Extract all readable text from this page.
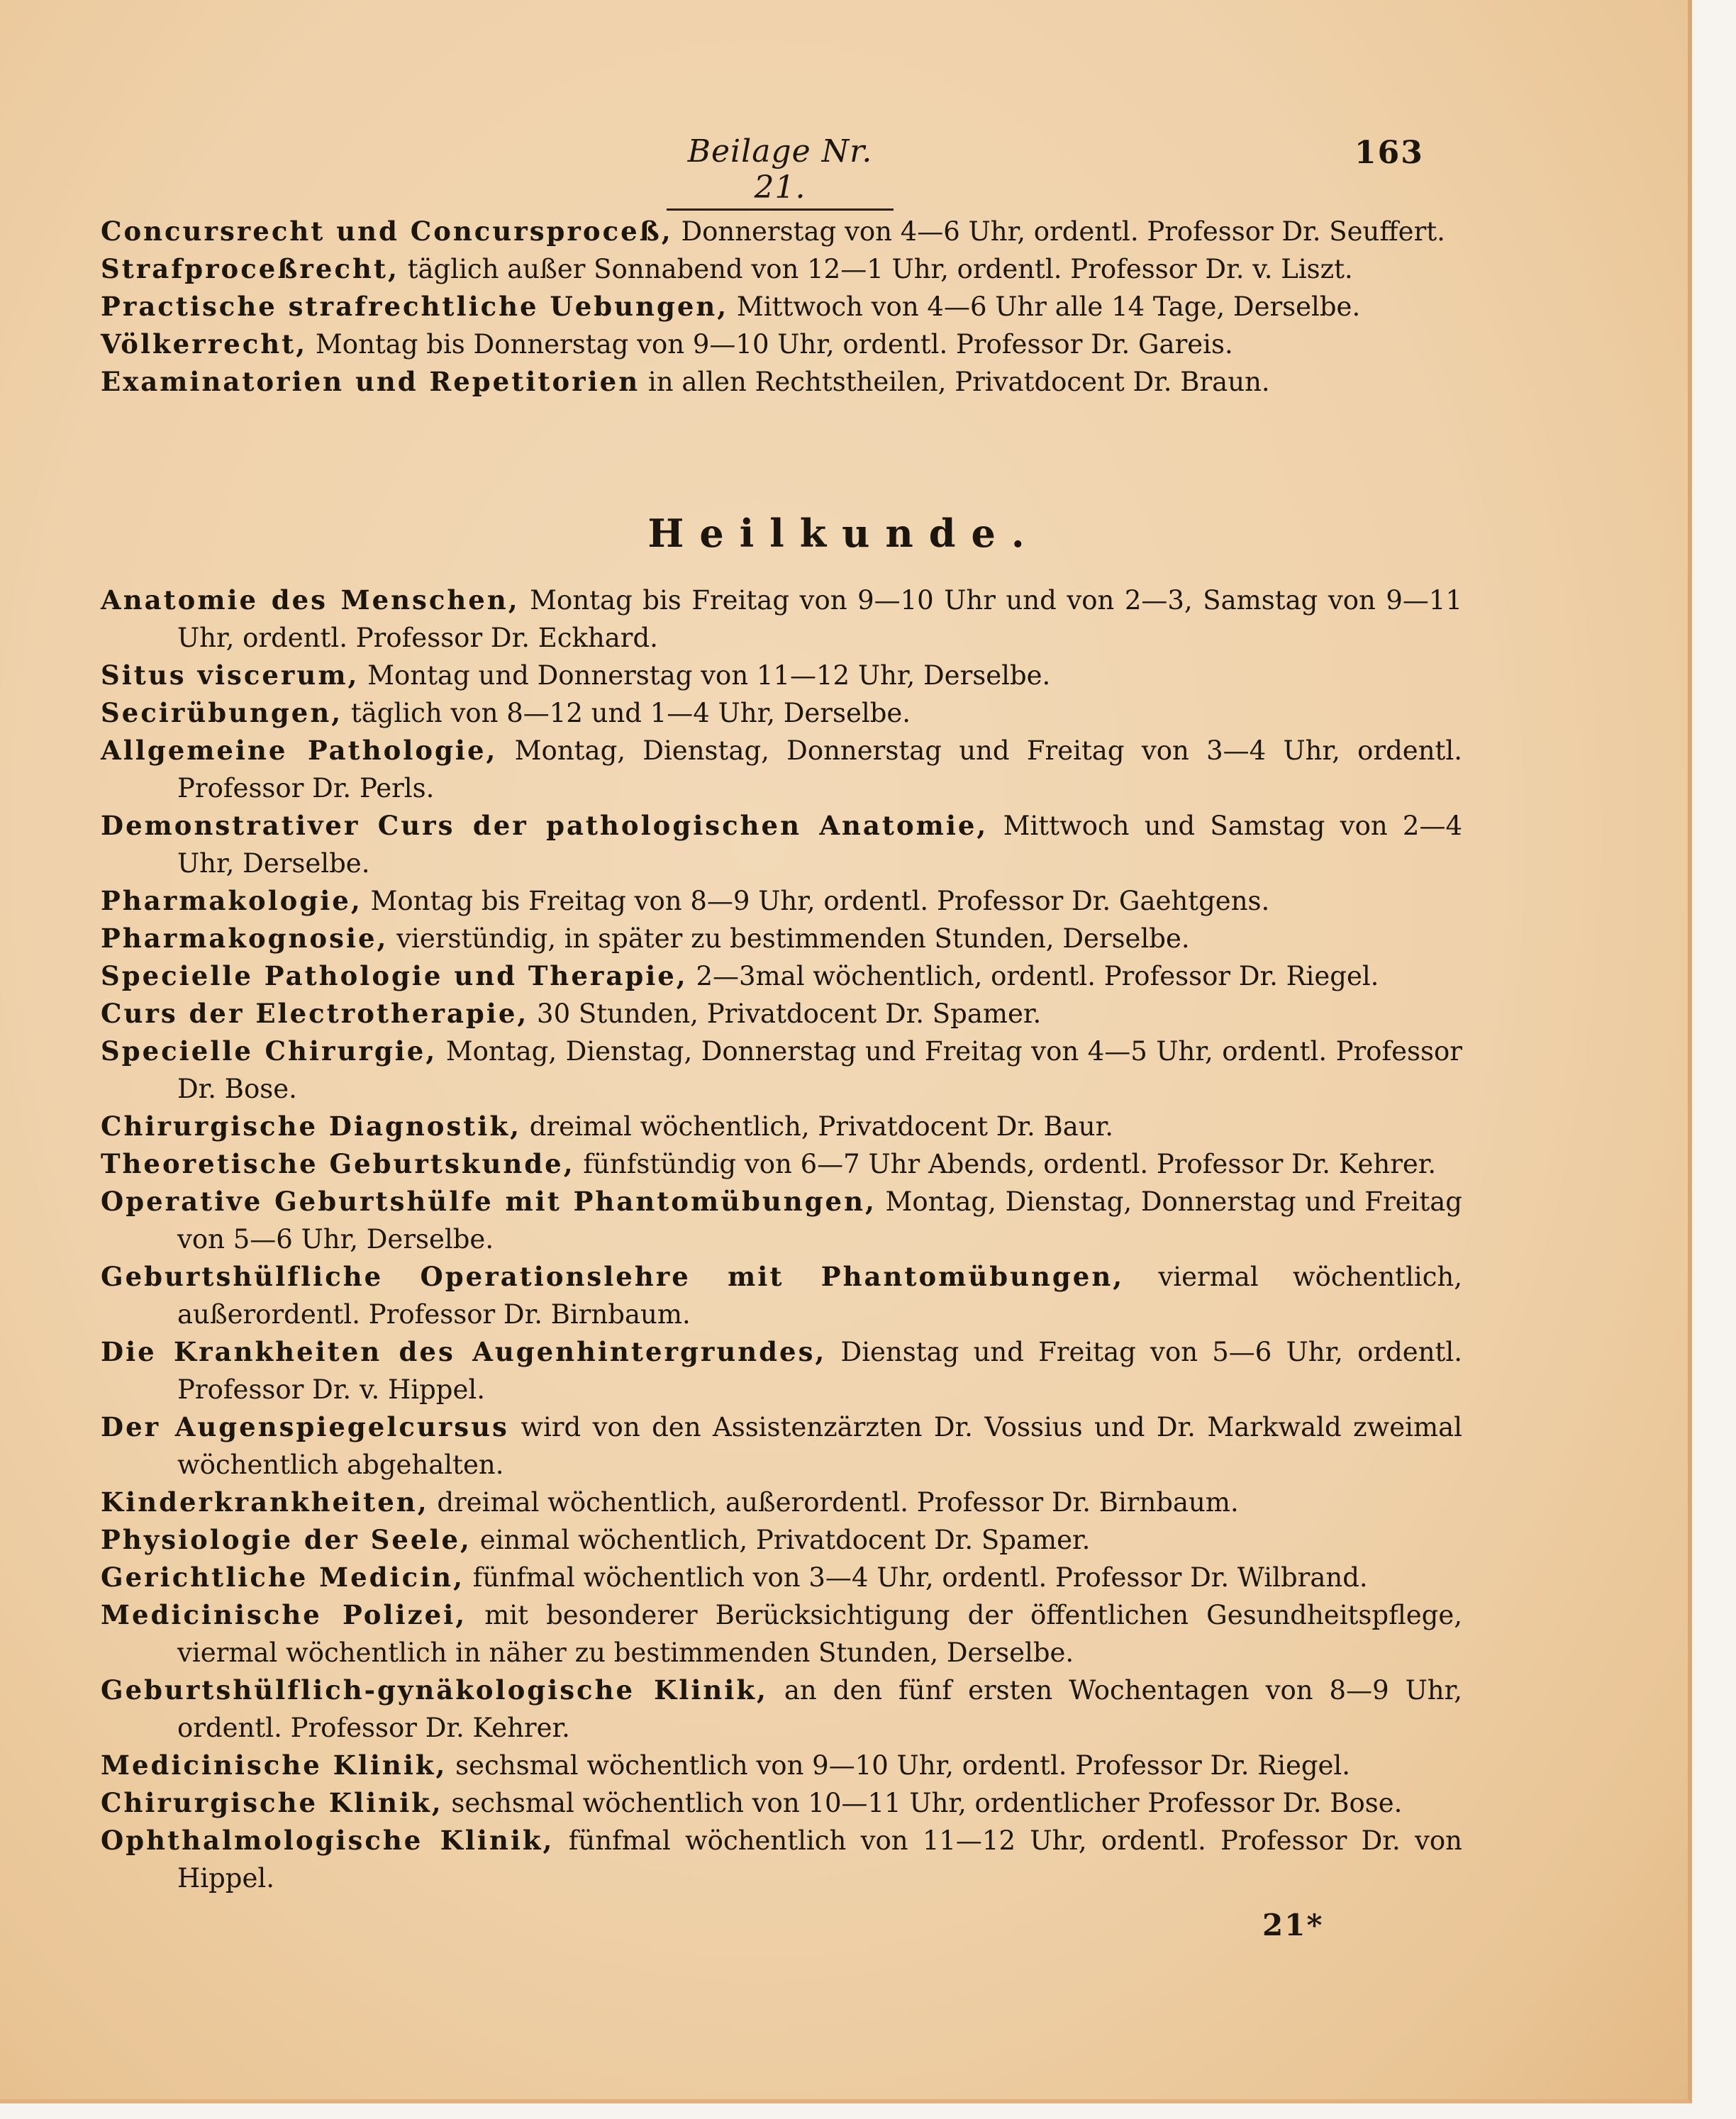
Beilage Nr. 21.
163
Concursrecht und Concursproceß, Donnerstag von 4—6 Uhr, ordentl. Professor Dr. Seuffert.
Strafproceßrecht, täglich außer Sonnabend von 12—1 Uhr, ordentl. Professor Dr. v. Liszt.
Practische strafrechtliche Uebungen, Mittwoch von 4—6 Uhr alle 14 Tage, Derselbe.
Völkerrecht, Montag bis Donnerstag von 9—10 Uhr, ordentl. Professor Dr. Gareis.
Examinatorien und Repetitorien in allen Rechtstheilen, Privatdocent Dr. Braun.
Heilkunde.
Anatomie des Menschen, Montag bis Freitag von 9—10 Uhr und von 2—3, Samstag von 9—11 Uhr, ordentl. Professor Dr. Eckhard.
Situs viscerum, Montag und Donnerstag von 11—12 Uhr, Derselbe.
Secirübungen, täglich von 8—12 und 1—4 Uhr, Derselbe.
Allgemeine Pathologie, Montag, Dienstag, Donnerstag und Freitag von 3—4 Uhr, ordentl. Professor Dr. Perls.
Demonstrativer Curs der pathologischen Anatomie, Mittwoch und Samstag von 2—4 Uhr, Derselbe.
Pharmakologie, Montag bis Freitag von 8—9 Uhr, ordentl. Professor Dr. Gaehtgens.
Pharmakognosie, vierstündig, in später zu bestimmenden Stunden, Derselbe.
Specielle Pathologie und Therapie, 2—3mal wöchentlich, ordentl. Professor Dr. Riegel.
Curs der Electrotherapie, 30 Stunden, Privatdocent Dr. Spamer.
Specielle Chirurgie, Montag, Dienstag, Donnerstag und Freitag von 4—5 Uhr, ordentl. Professor Dr. Bose.
Chirurgische Diagnostik, dreimal wöchentlich, Privatdocent Dr. Baur.
Theoretische Geburtskunde, fünfstündig von 6—7 Uhr Abends, ordentl. Professor Dr. Kehrer.
Operative Geburtshülfe mit Phantomübungen, Montag, Dienstag, Donnerstag und Freitag von 5—6 Uhr, Derselbe.
Geburtshülfliche Operationslehre mit Phantomübungen, viermal wöchentlich, außerordentl. Professor Dr. Birnbaum.
Die Krankheiten des Augenhintergrundes, Dienstag und Freitag von 5—6 Uhr, ordentl. Professor Dr. v. Hippel.
Der Augenspiegelcursus wird von den Assistenzärzten Dr. Vossius und Dr. Markwald zweimal wöchentlich abgehalten.
Kinderkrankheiten, dreimal wöchentlich, außerordentl. Professor Dr. Birnbaum.
Physiologie der Seele, einmal wöchentlich, Privatdocent Dr. Spamer.
Gerichtliche Medicin, fünfmal wöchentlich von 3—4 Uhr, ordentl. Professor Dr. Wilbrand.
Medicinische Polizei, mit besonderer Berücksichtigung der öffentlichen Gesundheitspflege, viermal wöchentlich in näher zu bestimmenden Stunden, Derselbe.
Geburtshülflich-gynäkologische Klinik, an den fünf ersten Wochentagen von 8—9 Uhr, ordentl. Professor Dr. Kehrer.
Medicinische Klinik, sechsmal wöchentlich von 9—10 Uhr, ordentl. Professor Dr. Riegel.
Chirurgische Klinik, sechsmal wöchentlich von 10—11 Uhr, ordentlicher Professor Dr. Bose.
Ophthalmologische Klinik, fünfmal wöchentlich von 11—12 Uhr, ordentl. Professor Dr. von Hippel.
21*
